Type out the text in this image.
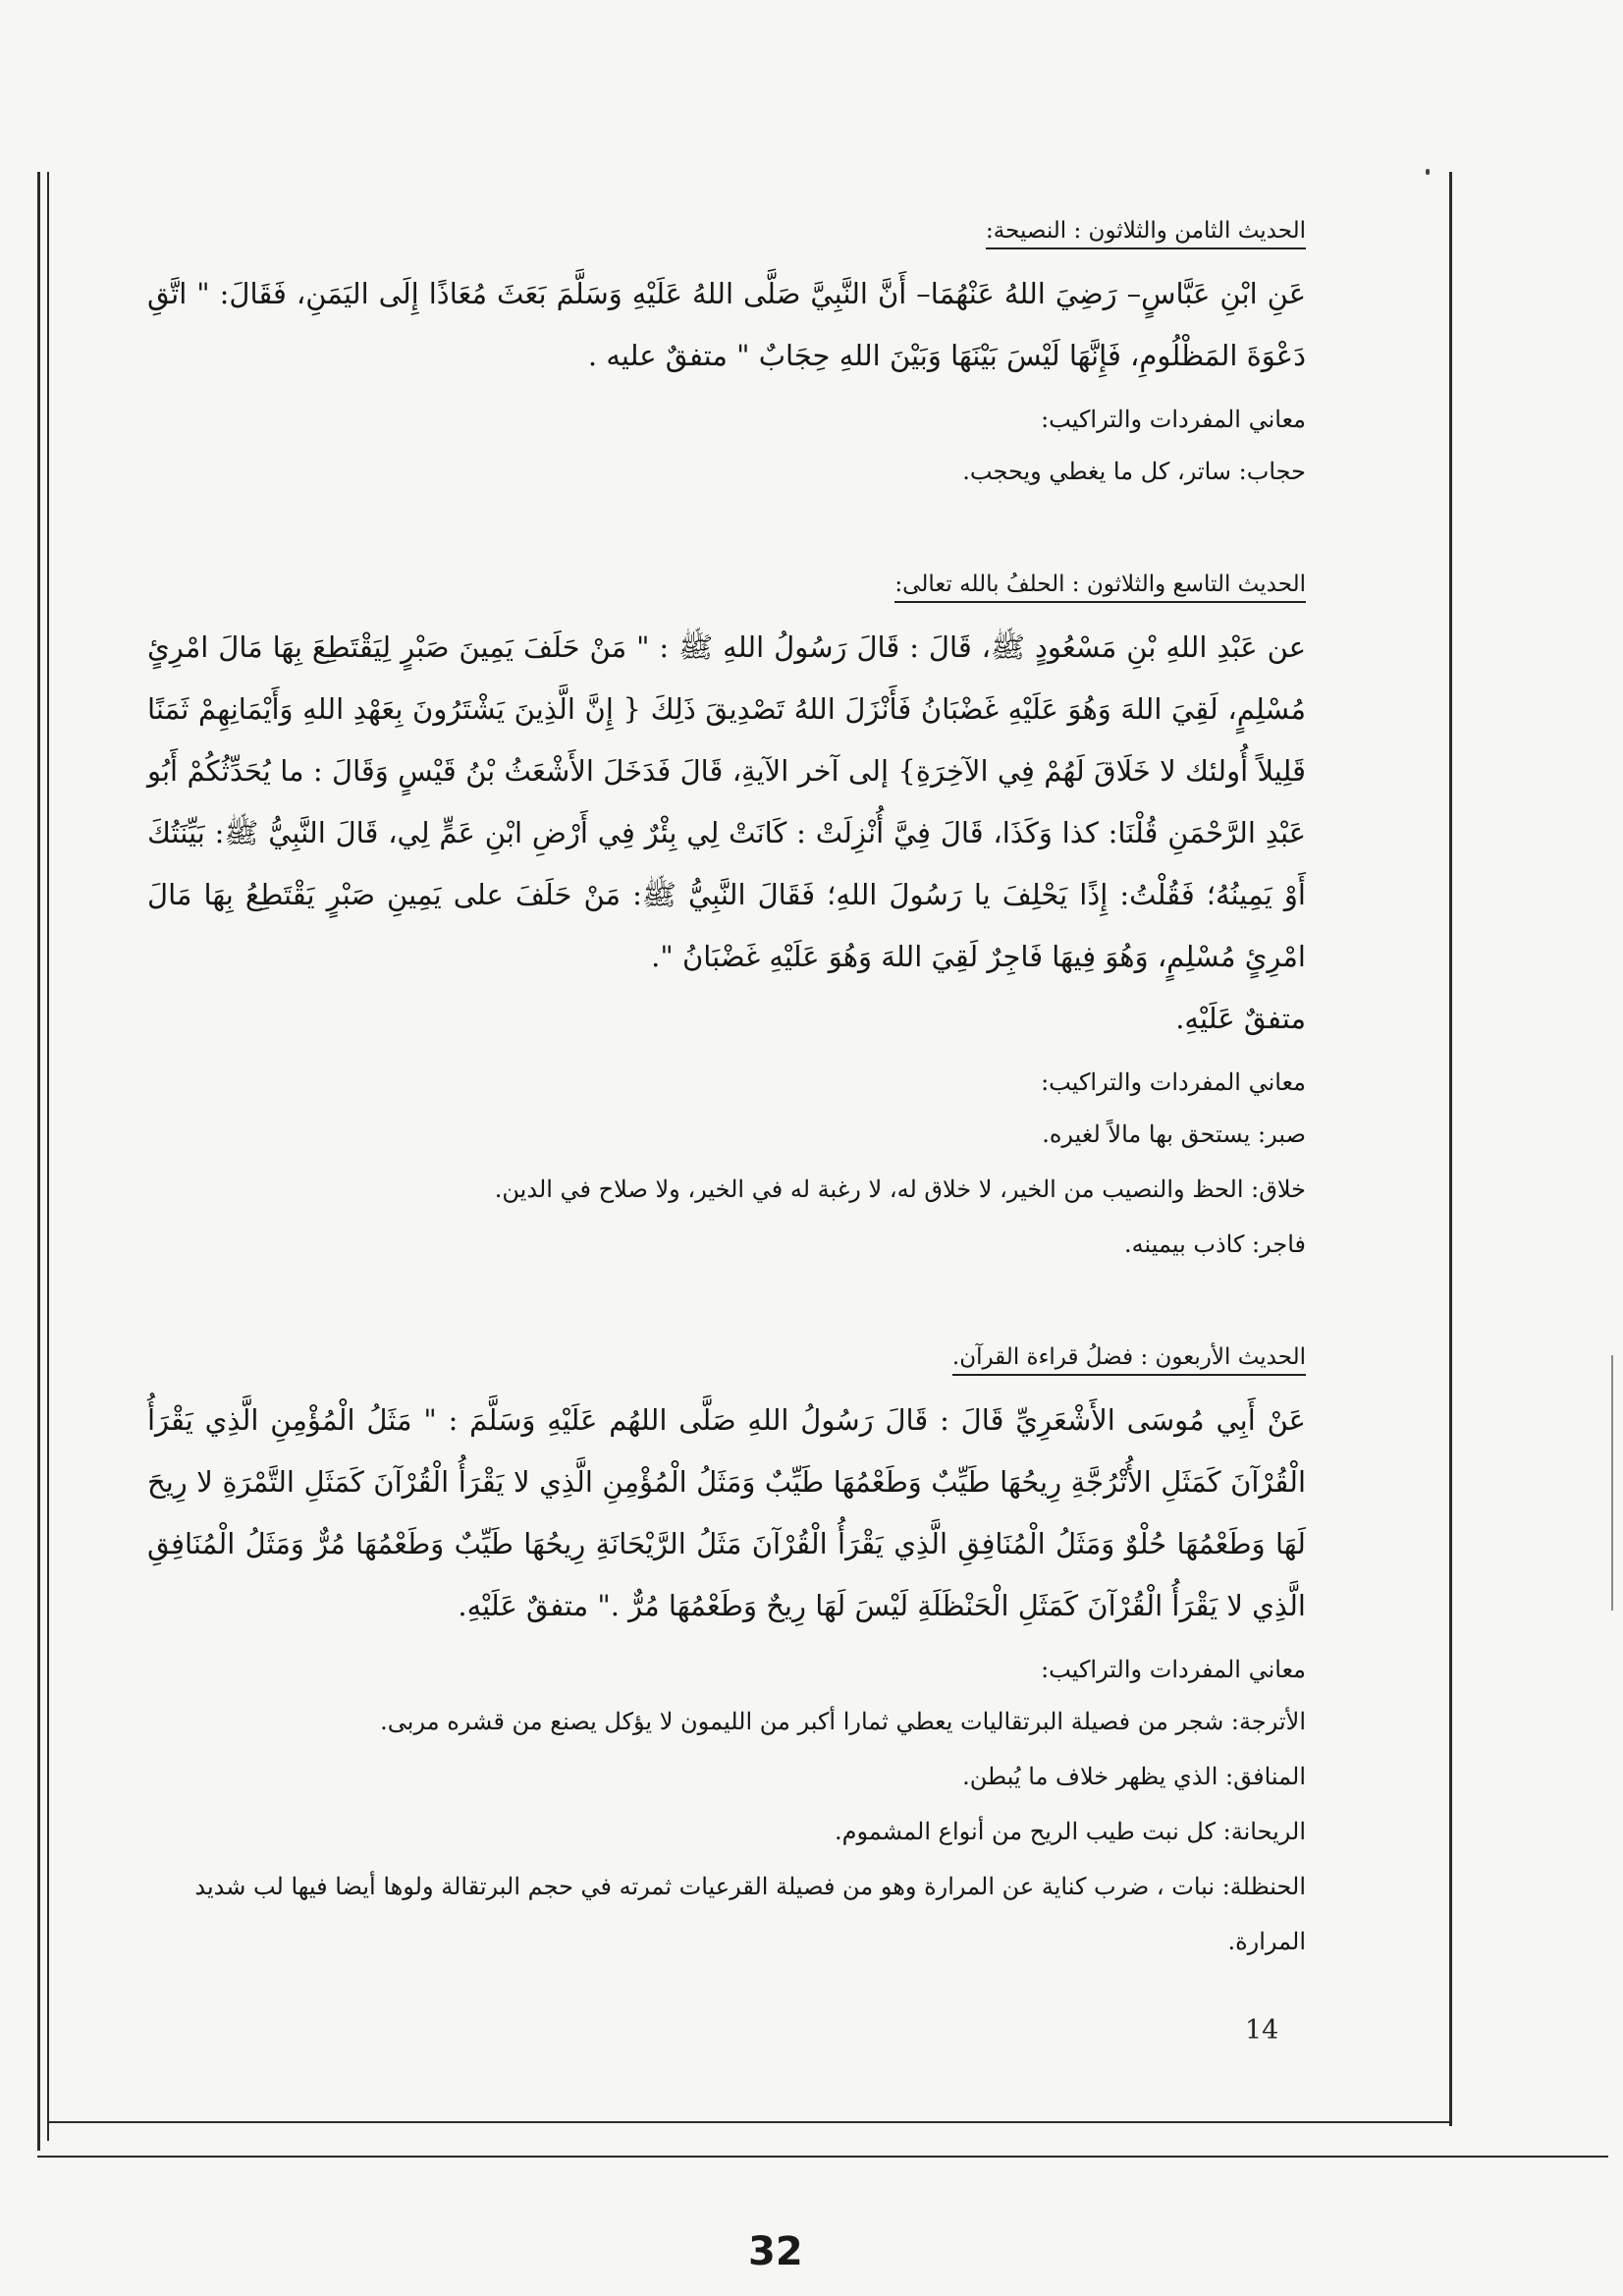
الحديث الثامن والثلاثون : النصيحة:

عَنِ ابْنِ عَبَّاسٍ– رَضِيَ اللهُ عَنْهُمَا– أَنَّ النَّبِيَّ صَلَّى اللهُ عَلَيْهِ وَسَلَّمَ بَعَثَ مُعَاذًا إِلَى اليَمَنِ، فَقَالَ: " اتَّقِ دَعْوَةَ المَظْلُومِ، فَإِنَّهَا لَيْسَ بَيْنَهَا وَبَيْنَ اللهِ حِجَابٌ " متفقٌ عليه .

معاني المفردات والتراكيب:

حجاب: ساتر، كل ما يغطي ويحجب.

الحديث التاسع والثلاثون : الحلفُ بالله تعالى:

عن عَبْدِ اللهِ بْنِ مَسْعُودٍ ﷺ، قَالَ : قَالَ رَسُولُ اللهِ ﷺ : " مَنْ حَلَفَ يَمِينَ صَبْرٍ لِيَقْتَطِعَ بِهَا مَالَ امْرِئٍ مُسْلِمٍ، لَقِيَ اللهَ وَهُوَ عَلَيْهِ غَضْبَانُ فَأَنْزَلَ اللهُ تَصْدِيقَ ذَلِكَ { إِنَّ الَّذِينَ يَشْتَرُونَ بِعَهْدِ اللهِ وَأَيْمَانِهِمْ ثَمَنًا قَلِيلاً أُولئك لا خَلَاقَ لَهُمْ فِي الآخِرَةِ} إلى آخر الآيةِ، قَالَ فَدَخَلَ الأَشْعَثُ بْنُ قَيْسٍ وَقَالَ : ما يُحَدِّثُكُمْ أَبُو عَبْدِ الرَّحْمَنِ قُلْنَا: كذا وَكَذَا، قَالَ فِيَّ أُنْزِلَتْ : كَانَتْ لِي بِئْرٌ فِي أَرْضِ ابْنِ عَمٍّ لِي، قَالَ النَّبِيُّ ﷺ: بَيِّنَتُكَ أَوْ يَمِينُهُ؛ فَقُلْتُ: إِذًا يَحْلِفَ يا رَسُولَ اللهِ؛ فَقَالَ النَّبِيُّ ﷺ: مَنْ حَلَفَ على يَمِينِ صَبْرٍ يَقْتَطِعُ بِهَا مَالَ امْرِئٍ مُسْلِمٍ، وَهُوَ فِيهَا فَاجِرٌ لَقِيَ اللهَ وَهُوَ عَلَيْهِ غَضْبَانُ ".

متفقٌ عَلَيْهِ.

معاني المفردات والتراكيب:

صبر: يستحق بها مالاً لغيره.

خلاق: الحظ والنصيب من الخير، لا خلاق له، لا رغبة له في الخير، ولا صلاح في الدين.

فاجر: كاذب بيمينه.

الحديث الأربعون : فضلُ قراءة القرآن.

عَنْ أَبِي مُوسَى الأَشْعَرِيِّ قَالَ : قَالَ رَسُولُ اللهِ صَلَّى اللهُم عَلَيْهِ وَسَلَّمَ : " مَثَلُ الْمُؤْمِنِ الَّذِي يَقْرَأُ الْقُرْآنَ كَمَثَلِ الأُتْرُجَّةِ رِيحُهَا طَيِّبٌ وَطَعْمُهَا طَيِّبٌ وَمَثَلُ الْمُؤْمِنِ الَّذِي لا يَقْرَأُ الْقُرْآنَ كَمَثَلِ التَّمْرَةِ لا رِيحَ لَهَا وَطَعْمُهَا حُلْوٌ وَمَثَلُ الْمُنَافِقِ الَّذِي يَقْرَأُ الْقُرْآنَ مَثَلُ الرَّيْحَانَةِ رِيحُهَا طَيِّبٌ وَطَعْمُهَا مُرٌّ وَمَثَلُ الْمُنَافِقِ الَّذِي لا يَقْرَأُ الْقُرْآنَ كَمَثَلِ الْحَنْظَلَةِ لَيْسَ لَهَا رِيحٌ وَطَعْمُهَا مُرٌّ ." متفقٌ عَلَيْهِ.

معاني المفردات والتراكيب:

الأترجة: شجر من فصيلة البرتقاليات يعطي ثمارا أكبر من الليمون لا يؤكل يصنع من قشره مربى.

المنافق: الذي يظهر خلاف ما يُبطن.

الريحانة: كل نبت طيب الريح من أنواع المشموم.

الحنظلة: نبات ، ضرب كناية عن المرارة وهو من فصيلة القرعيات ثمرته في حجم البرتقالة ولوها أيضا فيها لب شديد المرارة.

14
32
